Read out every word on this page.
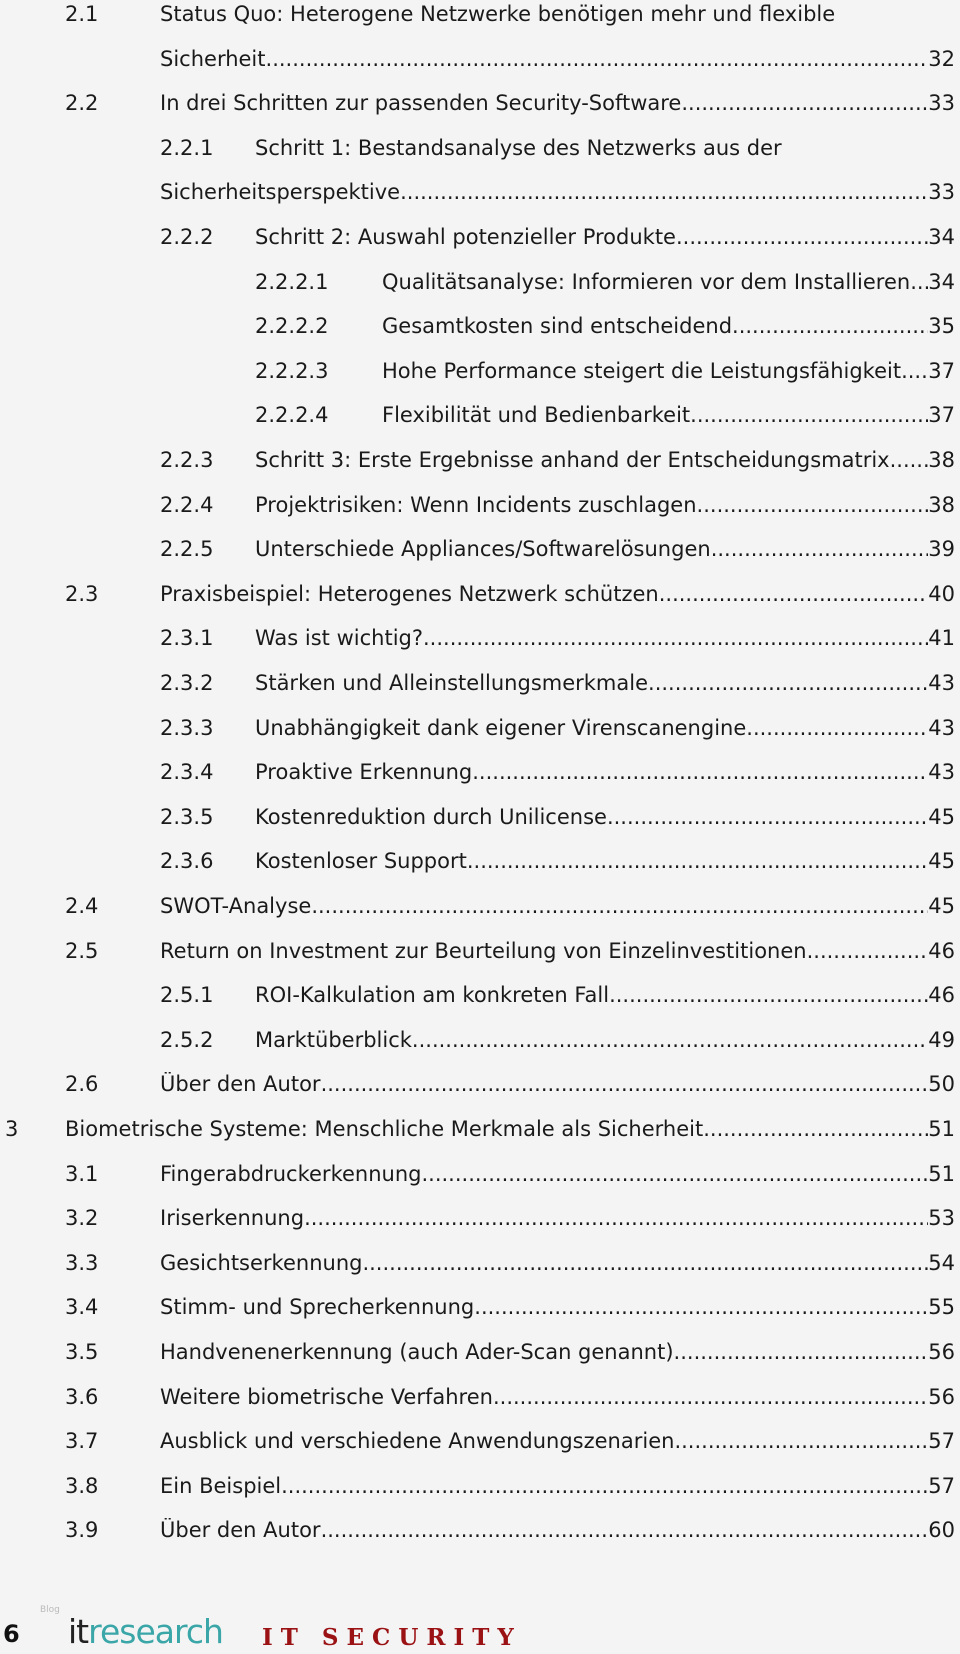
2.1	Status Quo: Heterogene Netzwerke benötigen mehr und flexible
Sicherheit .....	32
2.2	In drei Schritten zur passenden Security-Software .....	33
2.2.1 Schritt 1: Bestandsanalyse des Netzwerks aus der
Sicherheitsperspektive .....	33
2.2.2 Schritt 2: Auswahl potenzieller Produkte .....	34
2.2.2.1	Qualitätsanalyse: Informieren vor dem Installieren ..... 34
2.2.2.2	Gesamtkosten sind entscheidend .....	35
2.2.2.3	Hohe Performance steigert die Leistungsfähigkeit ..... 37
2.2.2.4	Flexibilität und Bedienbarkeit .....	37
2.2.3 Schritt 3: Erste Ergebnisse anhand der Entscheidungsmatrix ..... 38
2.2.4 Projektrisiken: Wenn Incidents zuschlagen .....	38
2.2.5 Unterschiede Appliances/Softwarelösungen .....	39
2.3	Praxisbeispiel: Heterogenes Netzwerk schützen .....	40
2.3.1 Was ist wichtig? .....	41
2.3.2 Stärken und Alleinstellungsmerkmale .....	43
2.3.3 Unabhängigkeit dank eigener Virenscanengine .....	43
2.3.4 Proaktive Erkennung .....	43
2.3.5 Kostenreduktion durch Unilicense .....	45
2.3.6 Kostenloser Support .....	45
2.4	SWOT-Analyse .....	45
2.5	Return on Investment zur Beurteilung von Einzelinvestitionen .....	46
2.5.1 ROI-Kalkulation am konkreten Fall .....	46
2.5.2 Marktüberblick .....	49
2.6	Über den Autor .....	50
3 Biometrische Systeme: Menschliche Merkmale als Sicherheit .....	51
3.1	Fingerabdruckerkennung .....	51
3.2	Iriserkennung .....	53
3.3	Gesichtserkennung .....	54
3.4	Stimm- und Sprecherkennung .....	55
3.5	Handvenenerkennung (auch Ader-Scan genannt) .....	56
3.6	Weitere biometrische Verfahren .....	56
3.7	Ausblick und verschiedene Anwendungszenarien .....	57
3.8	Ein Beispiel .....	57
3.9	Über den Autor .....	60
6
Blog
itresearch IT SECURITY
